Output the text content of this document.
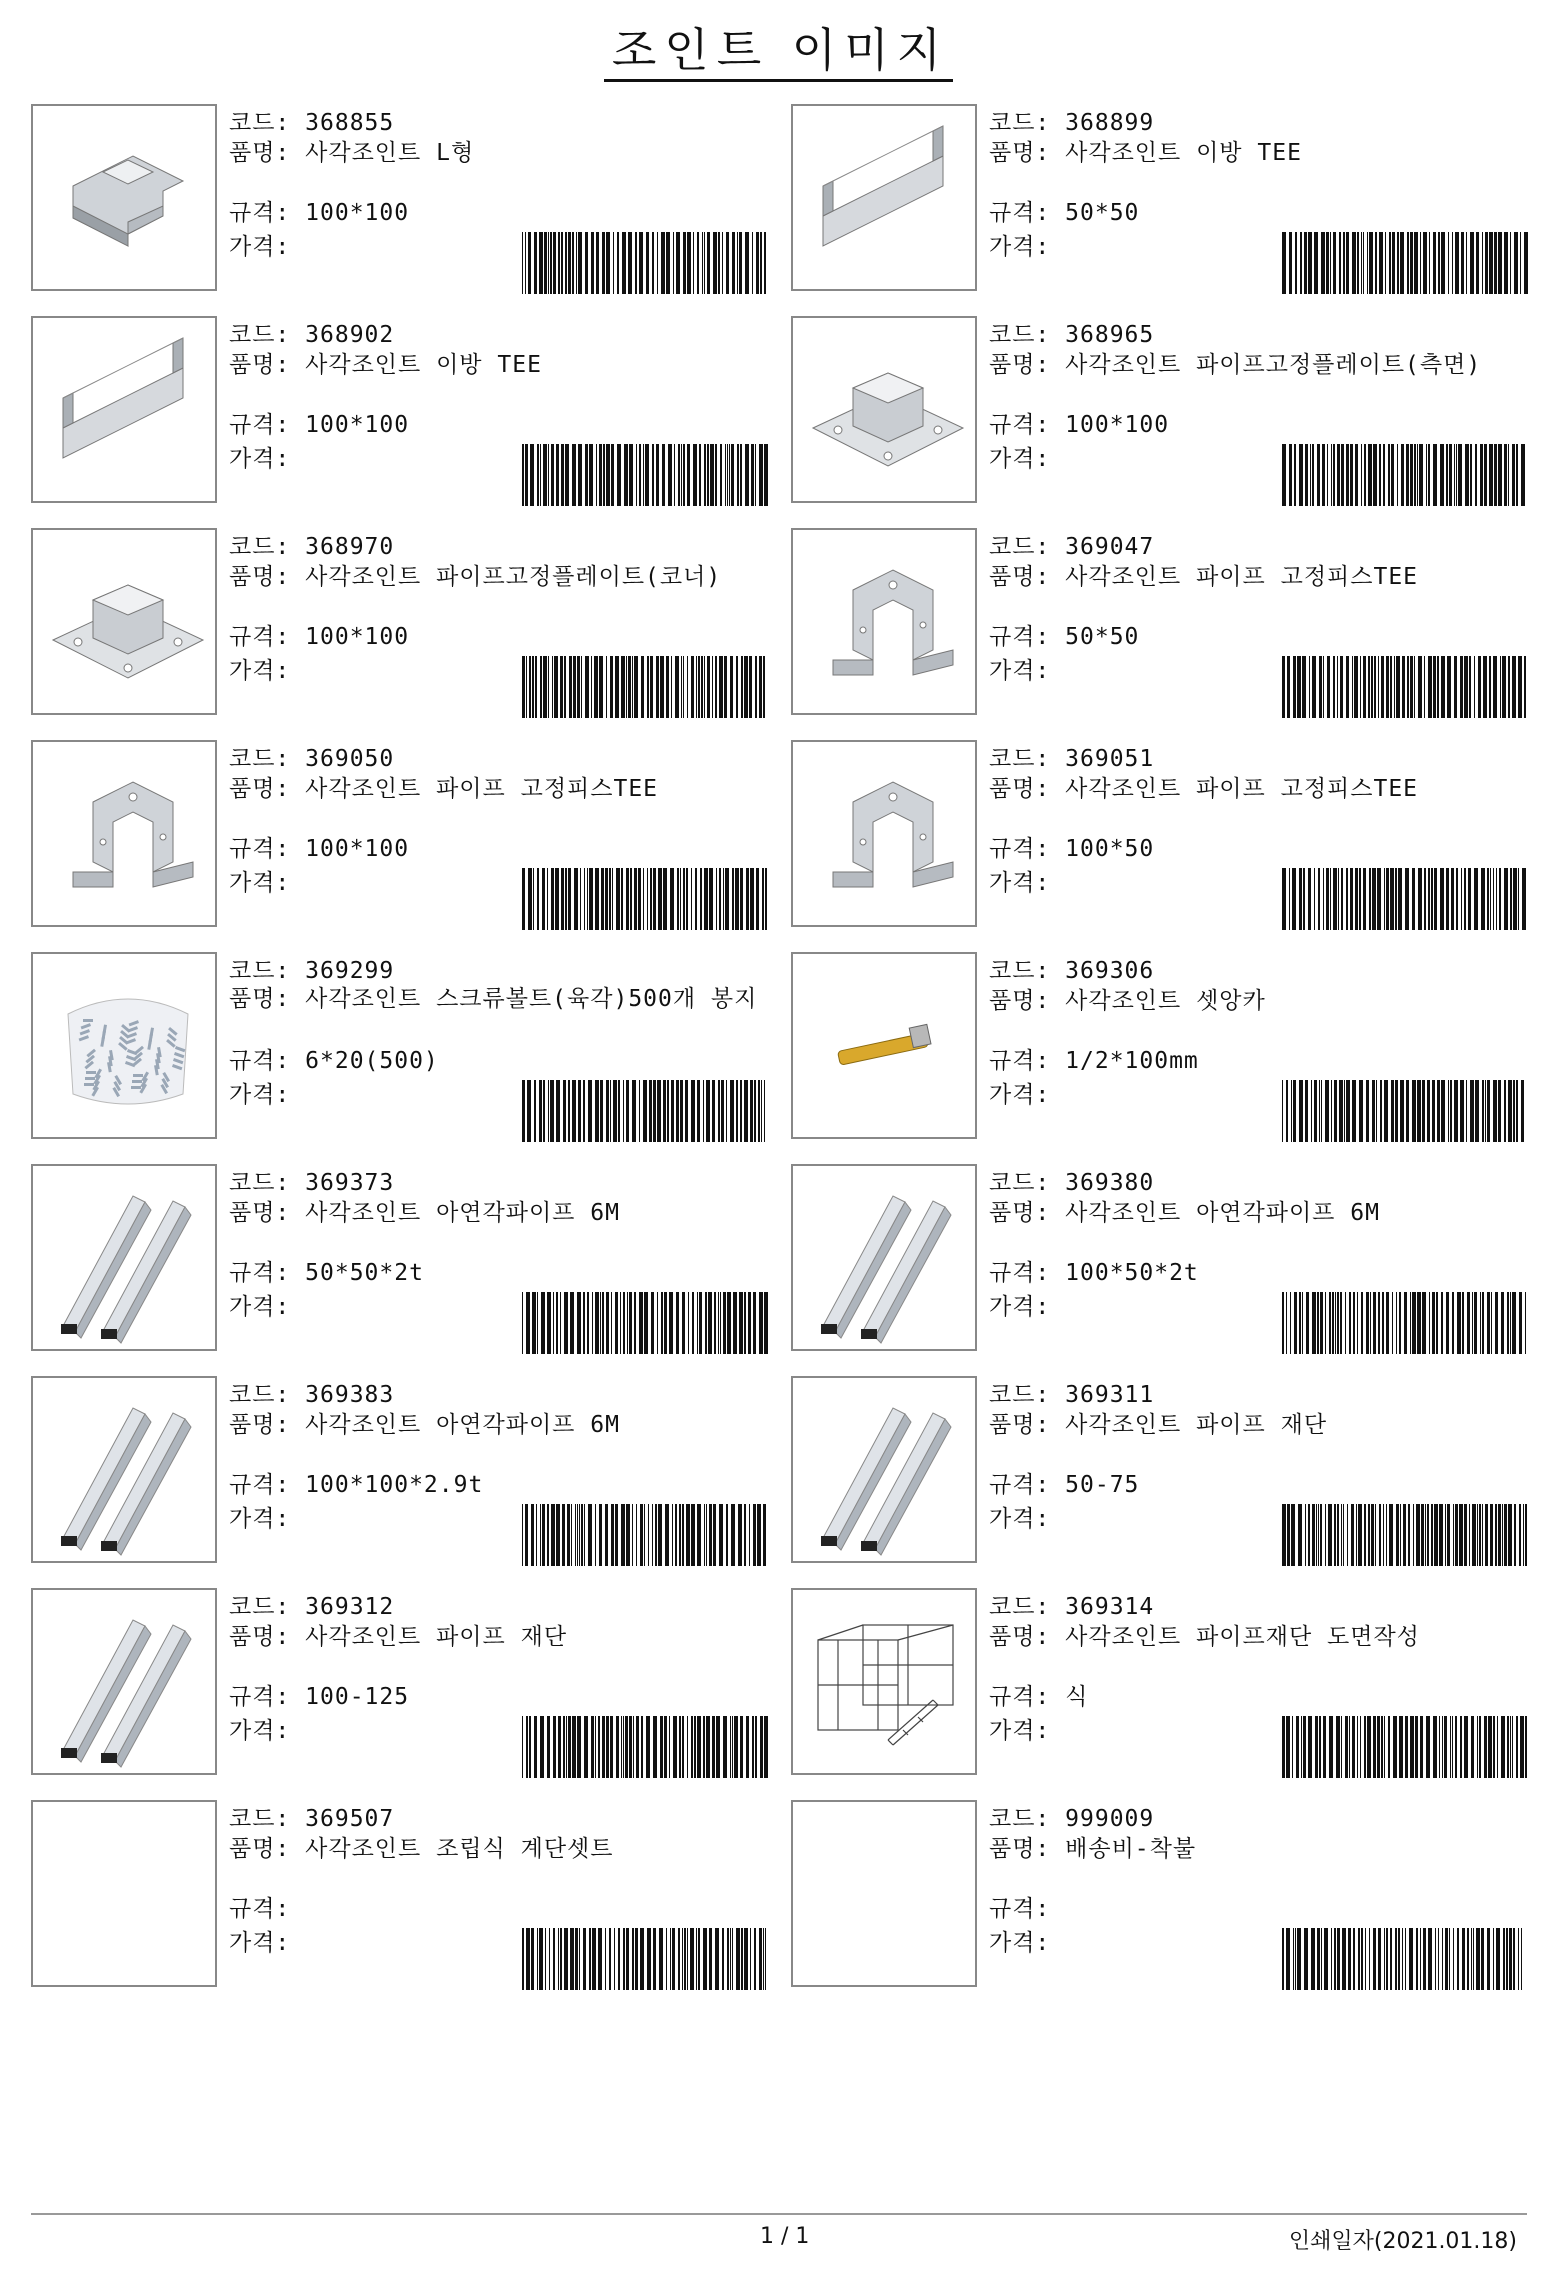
조인트 이미지
코드: 368855
품명: 사각조인트 L형
규격: 100*100
가격:
코드: 368899
품명: 사각조인트 이방 TEE
규격: 50*50
가격:
코드: 368902
품명: 사각조인트 이방 TEE
규격: 100*100
가격:
코드: 368965
품명: 사각조인트 파이프고정플레이트(측면)
규격: 100*100
가격:
코드: 368970
품명: 사각조인트 파이프고정플레이트(코너)
규격: 100*100
가격:
코드: 369047
품명: 사각조인트 파이프 고정피스TEE
규격: 50*50
가격:
코드: 369050
품명: 사각조인트 파이프 고정피스TEE
규격: 100*100
가격:
코드: 369051
품명: 사각조인트 파이프 고정피스TEE
규격: 100*50
가격:
코드: 369299
품명: 사각조인트 스크류볼트(육각)500개 봉지
규격: 6*20(500)
가격:
코드: 369306
품명: 사각조인트 셋앙카
규격: 1/2*100mm
가격:
코드: 369373
품명: 사각조인트 아연각파이프 6M
규격: 50*50*2t
가격:
코드: 369380
품명: 사각조인트 아연각파이프 6M
규격: 100*50*2t
가격:
코드: 369383
품명: 사각조인트 아연각파이프 6M
규격: 100*100*2.9t
가격:
코드: 369311
품명: 사각조인트 파이프 재단
규격: 50-75
가격:
코드: 369312
품명: 사각조인트 파이프 재단
규격: 100-125
가격:
코드: 369314
품명: 사각조인트 파이프재단 도면작성
규격: 식
가격:
코드: 369507
품명: 사각조인트 조립식 계단셋트
규격:
가격:
코드: 999009
품명: 배송비-착불
규격:
가격:
1 / 1	인쇄일자(2021.01.18)
